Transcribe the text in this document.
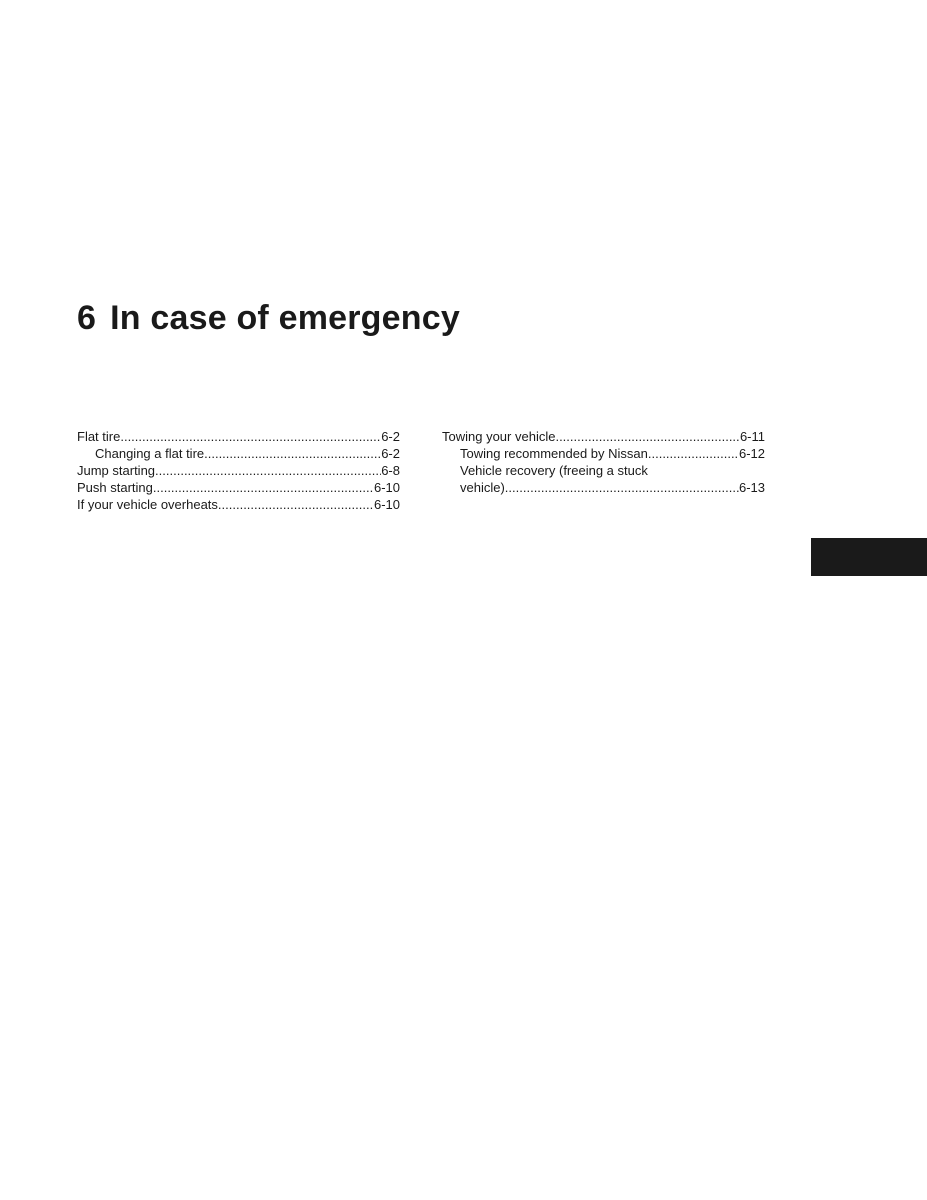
6 In case of emergency
Flat tire .....	6-2
Changing a flat tire .....	6-2
Jump starting .....	6-8
Push starting .....	6-10
If your vehicle overheats .....	6-10
Towing your vehicle .....	6-11
Towing recommended by Nissan .....	6-12
Vehicle recovery (freeing a stuck
vehicle) .....	6-13
